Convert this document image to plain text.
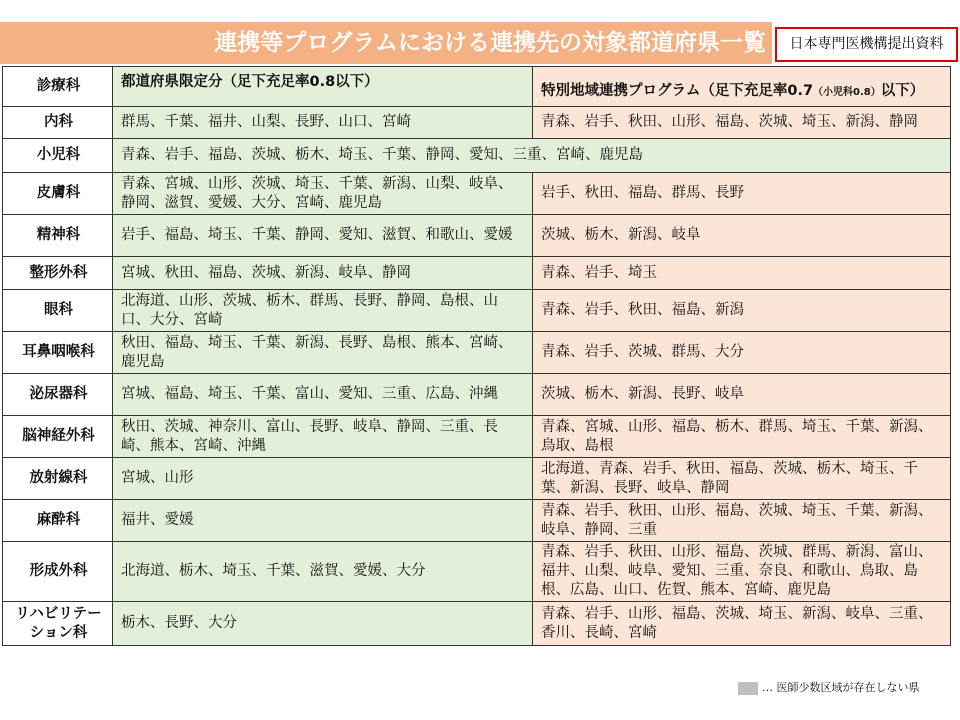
連携等プログラムにおける連携先の対象都道府県一覧	日本専門医機構提出資料
診療科	都道府県限定分（足下充足率0.8以下）	特別地域連携プログラム（足下充足率0.7（小児科0.8）以下）
内科	群馬、千葉、福井、山梨、長野、山口、宮崎	青森、岩手、秋田、山形、福島、茨城、埼玉、新潟、静岡
小児科	青森、岩手、福島、茨城、栃木、埼玉、千葉、静岡、愛知、三重、宮崎、鹿児島	
皮膚科	青森、宮城、山形、茨城、埼玉、千葉、新潟、山梨、岐阜、静岡、滋賀、愛媛、大分、宮崎、鹿児島	岩手、秋田、福島、群馬、長野
精神科	岩手、福島、埼玉、千葉、静岡、愛知、滋賀、和歌山、愛媛	茨城、栃木、新潟、岐阜
整形外科	宮城、秋田、福島、茨城、新潟、岐阜、静岡	青森、岩手、埼玉
眼科	北海道、山形、茨城、栃木、群馬、長野、静岡、島根、山口、大分、宮崎	青森、岩手、秋田、福島、新潟
耳鼻咽喉科	秋田、福島、埼玉、千葉、新潟、長野、島根、熊本、宮崎、鹿児島	青森、岩手、茨城、群馬、大分
泌尿器科	宮城、福島、埼玉、千葉、富山、愛知、三重、広島、沖縄	茨城、栃木、新潟、長野、岐阜
脳神経外科	秋田、茨城、神奈川、富山、長野、岐阜、静岡、三重、長崎、熊本、宮崎、沖縄	青森、宮城、山形、福島、栃木、群馬、埼玉、千葉、新潟、鳥取、島根
放射線科	宮城、山形	北海道、青森、岩手、秋田、福島、茨城、栃木、埼玉、千葉、新潟、長野、岐阜、静岡
麻酔科	福井、愛媛	青森、岩手、秋田、山形、福島、茨城、埼玉、千葉、新潟、岐阜、静岡、三重
形成外科	北海道、栃木、埼玉、千葉、滋賀、愛媛、大分	青森、岩手、秋田、山形、福島、茨城、群馬、新潟、富山、福井、山梨、岐阜、愛知、三重、奈良、和歌山、鳥取、島根、広島、山口、佐賀、熊本、宮崎、鹿児島
リハビリテーション科	栃木、長野、大分	青森、岩手、山形、福島、茨城、埼玉、新潟、岐阜、三重、香川、長崎、宮崎
… 医師少数区域が存在しない県
